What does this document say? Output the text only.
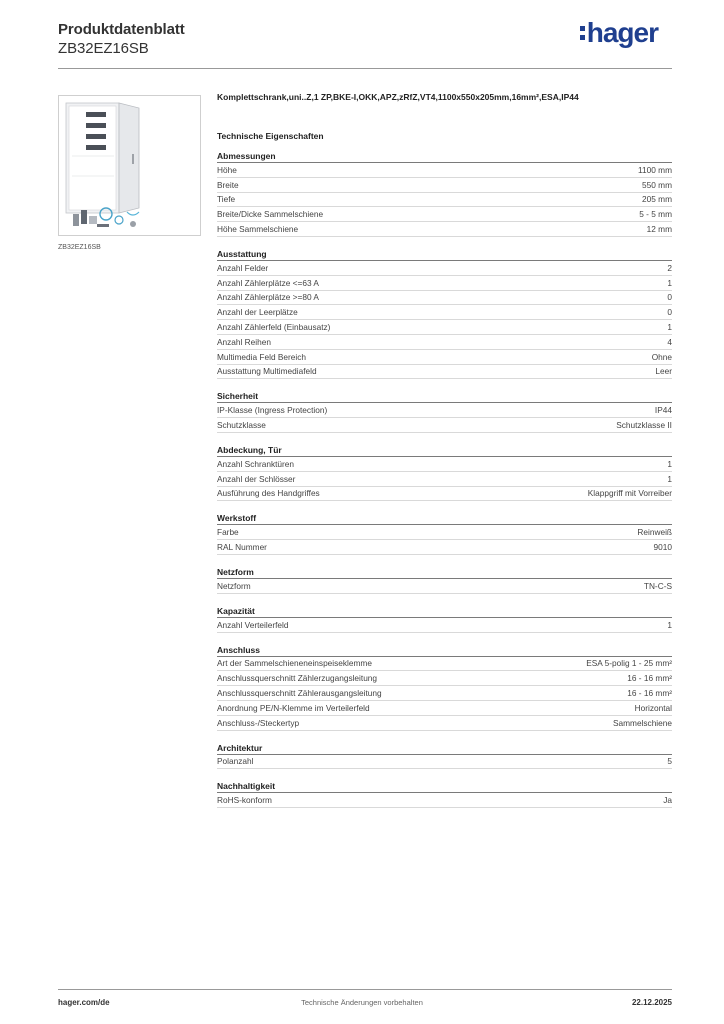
Produktdatenblatt
ZB32EZ16SB
hager
ZB32EZ16SB
Komplettschrank,uni..Z,1 ZP,BKE-I,OKK,APZ,zRfZ,VT4,1100x550x205mm,16mm²,ESA,IP44
Technische Eigenschaften
Abmessungen
Höhe	1100 mm
Breite	550 mm
Tiefe	205 mm
Breite/Dicke Sammelschiene	5 - 5 mm
Höhe Sammelschiene	12 mm
Ausstattung
Anzahl Felder	2
Anzahl Zählerplätze <=63 A	1
Anzahl Zählerplätze >=80 A	0
Anzahl der Leerplätze	0
Anzahl Zählerfeld (Einbausatz)	1
Anzahl Reihen	4
Multimedia Feld Bereich	Ohne
Ausstattung Multimediafeld	Leer
Sicherheit
IP-Klasse (Ingress Protection)	IP44
Schutzklasse	Schutzklasse II
Abdeckung, Tür
Anzahl Schranktüren	1
Anzahl der Schlösser	1
Ausführung des Handgriffes	Klappgriff mit Vorreiber
Werkstoff
Farbe	Reinweiß
RAL Nummer	9010
Netzform
Netzform	TN-C-S
Kapazität
Anzahl Verteilerfeld	1
Anschluss
Art der Sammelschieneneinspeiseklemme	ESA 5-polig 1 - 25 mm²
Anschlussquerschnitt Zählerzugangsleitung	16 - 16 mm²
Anschlussquerschnitt Zählerausgangsleitung	16 - 16 mm²
Anordnung PE/N-Klemme im Verteilerfeld	Horizontal
Anschluss-/Steckertyp	Sammelschiene
Architektur
Polanzahl	5
Nachhaltigkeit
RoHS-konform	Ja
hager.com/de	Technische Änderungen vorbehalten	22.12.2025
